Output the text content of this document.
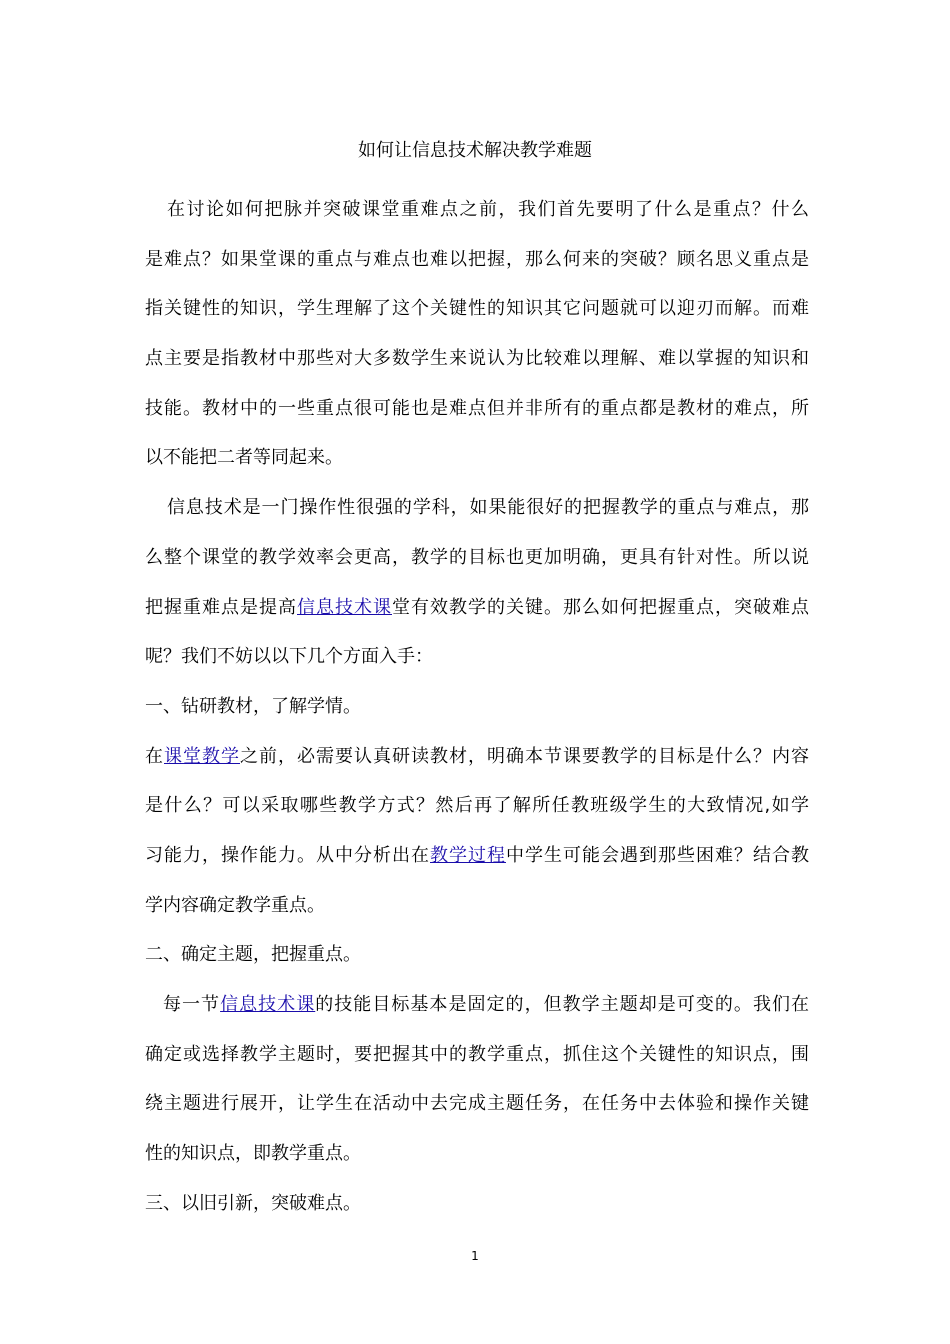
如何让信息技术解决教学难题
在讨论如何把脉并突破课堂重难点之前，我们首先要明了什么是重点？什么
是难点？如果堂课的重点与难点也难以把握，那么何来的突破？顾名思义重点是
指关键性的知识，学生理解了这个关键性的知识其它问题就可以迎刃而解。而难
点主要是指教材中那些对大多数学生来说认为比较难以理解、难以掌握的知识和
技能。教材中的一些重点很可能也是难点但并非所有的重点都是教材的难点，所
以不能把二者等同起来。
信息技术是一门操作性很强的学科，如果能很好的把握教学的重点与难点，那
么整个课堂的教学效率会更高，教学的目标也更加明确，更具有针对性。所以说
把握重难点是提高信息技术课堂有效教学的关键。那么如何把握重点，突破难点
呢？我们不妨以以下几个方面入手：
一、钻研教材，了解学情。
在课堂教学之前，必需要认真研读教材，明确本节课要教学的目标是什么？内容
是什么？可以采取哪些教学方式？然后再了解所任教班级学生的大致情况,如学
习能力，操作能力。从中分析出在教学过程中学生可能会遇到那些困难？结合教
学内容确定教学重点。
二、确定主题，把握重点。
每一节信息技术课的技能目标基本是固定的，但教学主题却是可变的。我们在
确定或选择教学主题时，要把握其中的教学重点，抓住这个关键性的知识点，围
绕主题进行展开，让学生在活动中去完成主题任务，在任务中去体验和操作关键
性的知识点，即教学重点。
三、以旧引新，突破难点。
1
